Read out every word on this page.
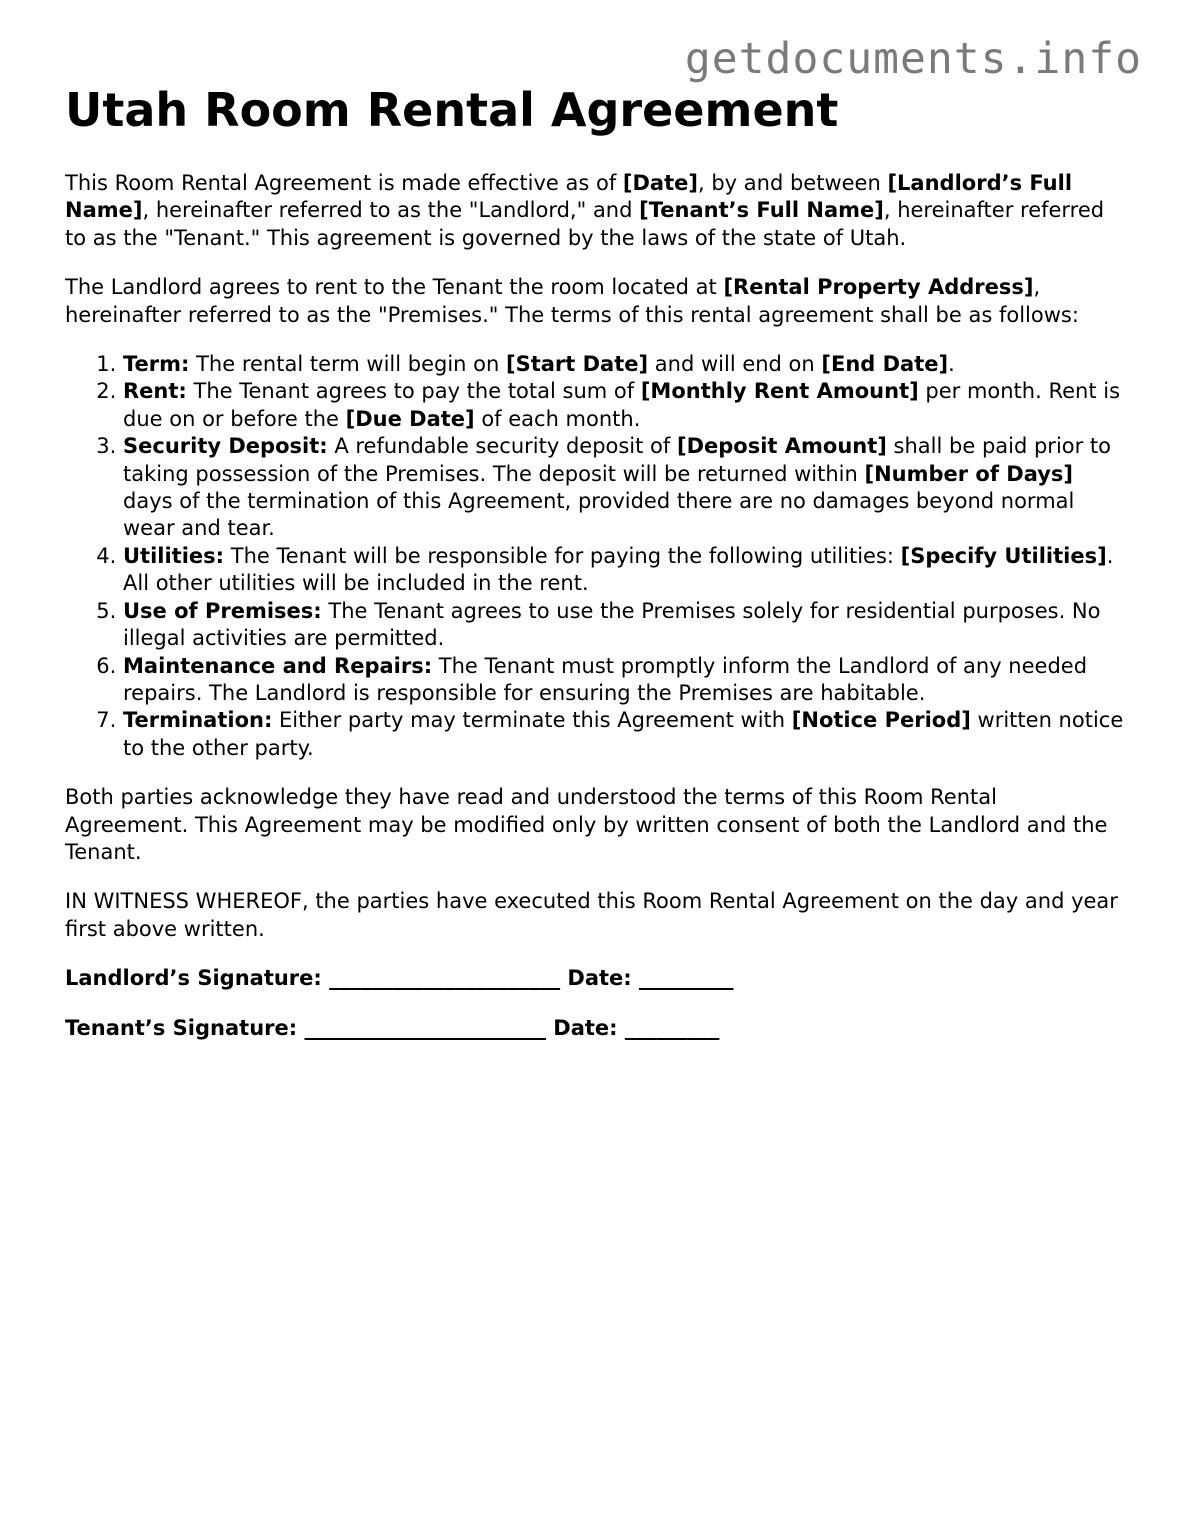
getdocuments.info
Utah Room Rental Agreement

This Room Rental Agreement is made effective as of [Date], by and between [Landlord’s Full Name], hereinafter referred to as the "Landlord," and [Tenant’s Full Name], hereinafter referred to as the "Tenant." This agreement is governed by the laws of the state of Utah.

The Landlord agrees to rent to the Tenant the room located at [Rental Property Address], hereinafter referred to as the "Premises." The terms of this rental agreement shall be as follows:

1. Term: The rental term will begin on [Start Date] and will end on [End Date].
2. Rent: The Tenant agrees to pay the total sum of [Monthly Rent Amount] per month. Rent is due on or before the [Due Date] of each month.
3. Security Deposit: A refundable security deposit of [Deposit Amount] shall be paid prior to taking possession of the Premises. The deposit will be returned within [Number of Days] days of the termination of this Agreement, provided there are no damages beyond normal wear and tear.
4. Utilities: The Tenant will be responsible for paying the following utilities: [Specify Utilities]. All other utilities will be included in the rent.
5. Use of Premises: The Tenant agrees to use the Premises solely for residential purposes. No illegal activities are permitted.
6. Maintenance and Repairs: The Tenant must promptly inform the Landlord of any needed repairs. The Landlord is responsible for ensuring the Premises are habitable.
7. Termination: Either party may terminate this Agreement with [Notice Period] written notice to the other party.

Both parties acknowledge they have read and understood the terms of this Room Rental Agreement. This Agreement may be modified only by written consent of both the Landlord and the Tenant.

IN WITNESS WHEREOF, the parties have executed this Room Rental Agreement on the day and year first above written.

Landlord’s Signature: ______________________ Date: _________

Tenant’s Signature: _______________________ Date: _________
